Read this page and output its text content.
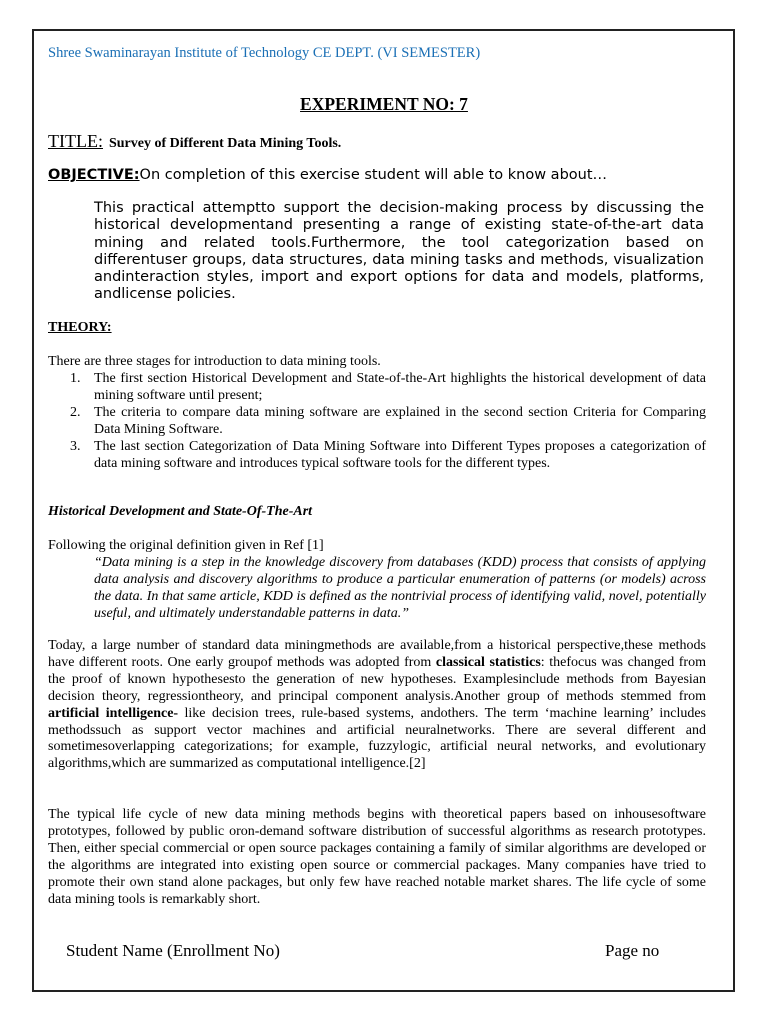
Shree Swaminarayan Institute of Technology CE DEPT. (VI SEMESTER)
EXPERIMENT NO: 7
TITLE: Survey of Different Data Mining Tools.
OBJECTIVE:On completion of this exercise student will able to know about…
This practical attemptto support the decision-making process by discussing the historical developmentand presenting a range of existing state-of-the-art data mining and related tools.Furthermore, the tool categorization based on differentuser groups, data structures, data mining tasks and methods, visualization andinteraction styles, import and export options for data and models, platforms, andlicense policies.
THEORY:
There are three stages for introduction to data mining tools.
1. The first section Historical Development and State-of-the-Art highlights the historical development of data mining software until present;
2. The criteria to compare data mining software are explained in the second section Criteria for Comparing Data Mining Software.
3. The last section Categorization of Data Mining Software into Different Types proposes a categorization of data mining software and introduces typical software tools for the different types.
Historical Development and State-Of-The-Art
Following the original definition given in Ref [1]
“Data mining is a step in the knowledge discovery from databases (KDD) process that consists of applying data analysis and discovery algorithms to produce a particular enumeration of patterns (or models) across the data. In that same article, KDD is defined as the nontrivial process of identifying valid, novel, potentially useful, and ultimately understandable patterns in data.”
Today, a large number of standard data miningmethods are available,from a historical perspective,these methods have different roots. One early groupof methods was adopted from classical statistics: thefocus was changed from the proof of known hypothesesto the generation of new hypotheses. Examplesinclude methods from Bayesian decision theory, regressiontheory, and principal component analysis.Another group of methods stemmed from artificial intelligence- like decision trees, rule-based systems, andothers. The term ‘machine learning’ includes methodssuch as support vector machines and artificial neuralnetworks. There are several different and sometimesoverlapping categorizations; for example, fuzzylogic, artificial neural networks, and evolutionary algorithms,which are summarized as computational intelligence.[2]
The typical life cycle of new data mining methods begins with theoretical papers based on inhousesoftware prototypes, followed by public oron-demand software distribution of successful algorithms as research prototypes. Then, either special commercial or open source packages containing a family of similar algorithms are developed or the algorithms are integrated into existing open source or commercial packages. Many companies have tried to promote their own stand alone packages, but only few have reached notable market shares. The life cycle of some data mining tools is remarkably short.
Student Name (Enrollment No)	Page no
